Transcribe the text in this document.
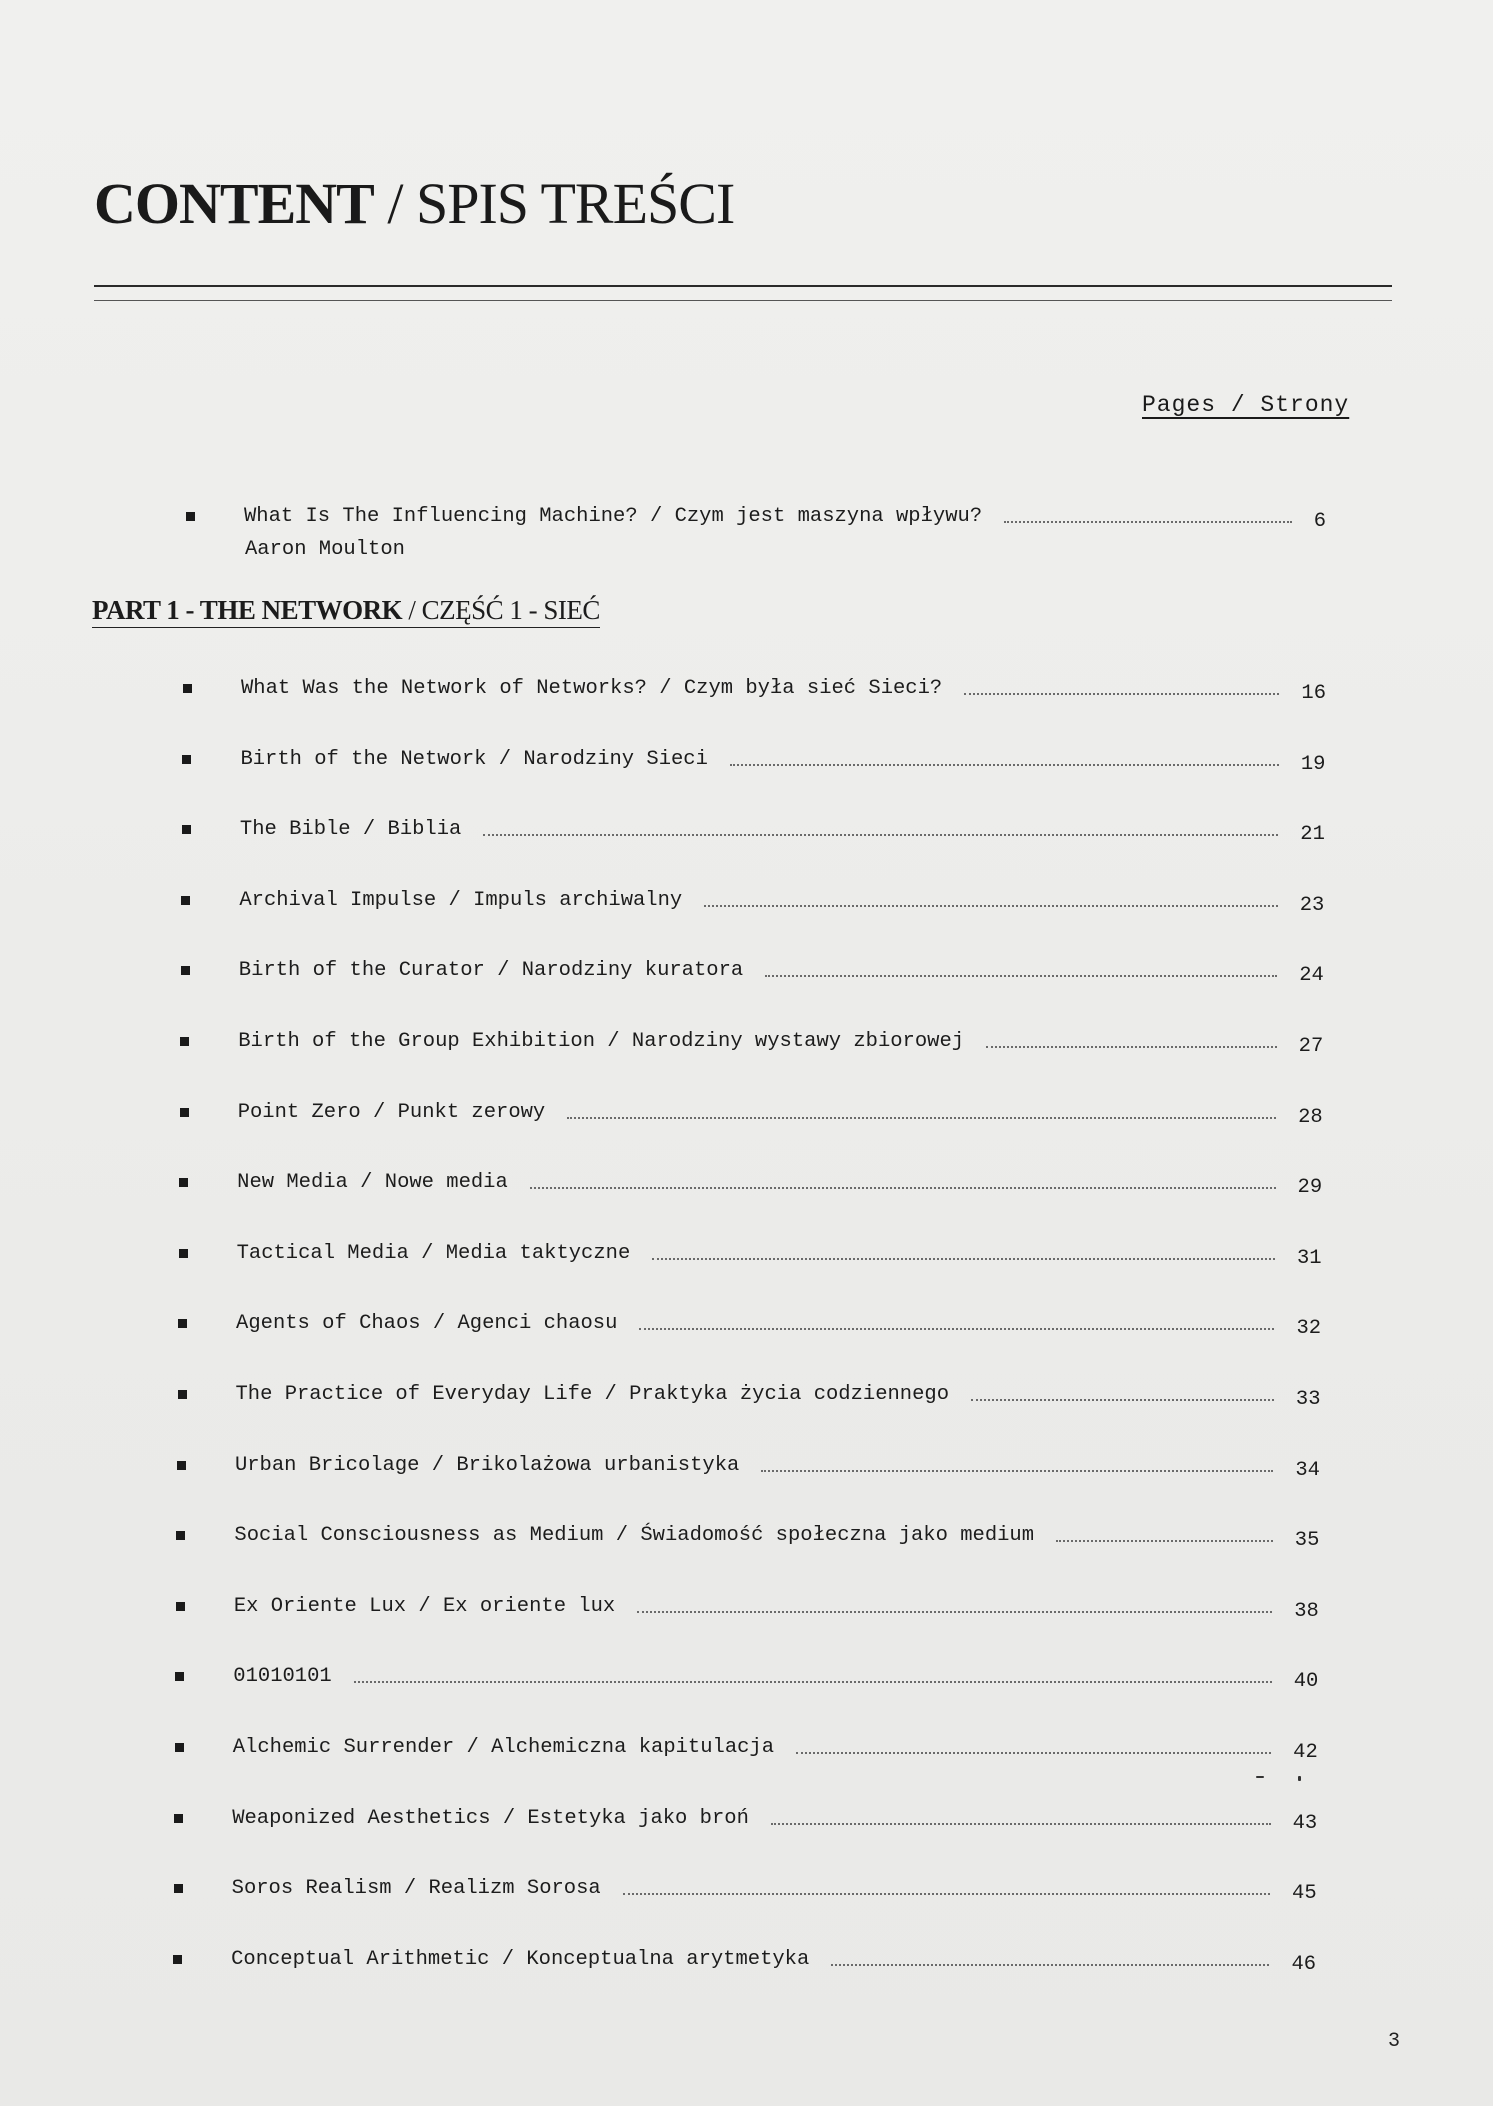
CONTENT / SPIS TREŚCI
Pages / Strony
What Is The Influencing Machine? / Czym jest maszyna wpływu?	6
Aaron Moulton
PART 1 - THE NETWORK / CZĘŚĆ 1 - SIEĆ
What Was the Network of Networks? / Czym była sieć Sieci?	16
Birth of the Network / Narodziny Sieci	19
The Bible / Biblia	21
Archival Impulse / Impuls archiwalny	23
Birth of the Curator / Narodziny kuratora	24
Birth of the Group Exhibition / Narodziny wystawy zbiorowej	27
Point Zero / Punkt zerowy	28
New Media / Nowe media	29
Tactical Media / Media taktyczne	31
Agents of Chaos / Agenci chaosu	32
The Practice of Everyday Life / Praktyka życia codziennego	33
Urban Bricolage / Brikolażowa urbanistyka	34
Social Consciousness as Medium / Świadomość społeczna jako medium	35
Ex Oriente Lux / Ex oriente lux	38
01010101	40
Alchemic Surrender / Alchemiczna kapitulacja	42
Weaponized Aesthetics / Estetyka jako broń	43
Soros Realism / Realizm Sorosa	45
Conceptual Arithmetic / Konceptualna arytmetyka	46
3
